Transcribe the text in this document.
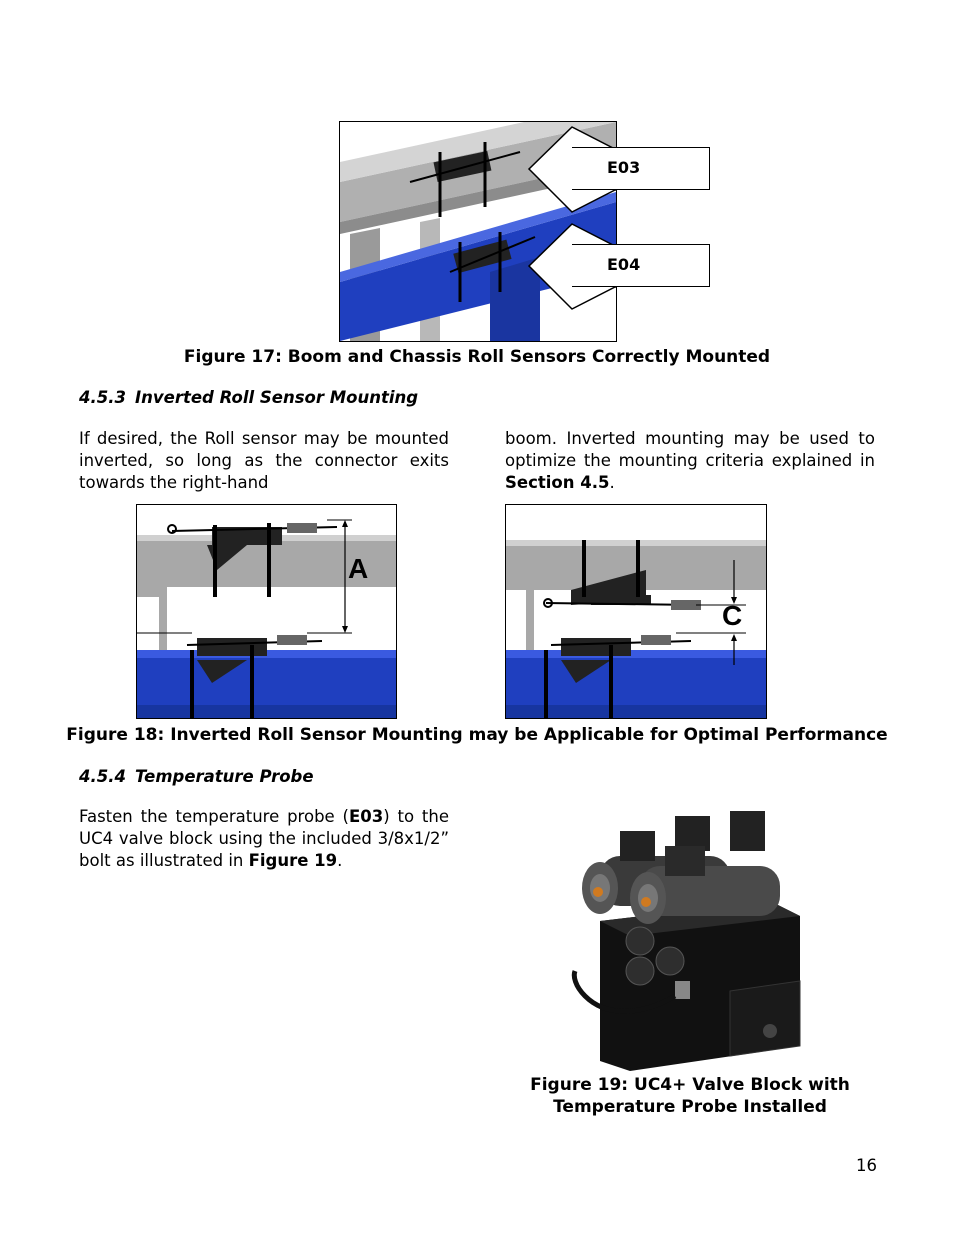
E03
E04
Figure 17: Boom and Chassis Roll Sensors Correctly Mounted
4.5.3 Inverted Roll Sensor Mounting
If desired, the Roll sensor may be mounted inverted, so long as the connector exits towards the right-hand
boom. Inverted mounting may be used to optimize the mounting criteria explained in Section 4.5.
A
C
Figure 18: Inverted Roll Sensor Mounting may be Applicable for Optimal Performance
4.5.4 Temperature Probe
Fasten the temperature probe (E03) to the UC4 valve block using the included 3/8x1/2” bolt as illustrated in Figure 19.
Figure 19: UC4+ Valve Block with
Temperature Probe Installed
16
